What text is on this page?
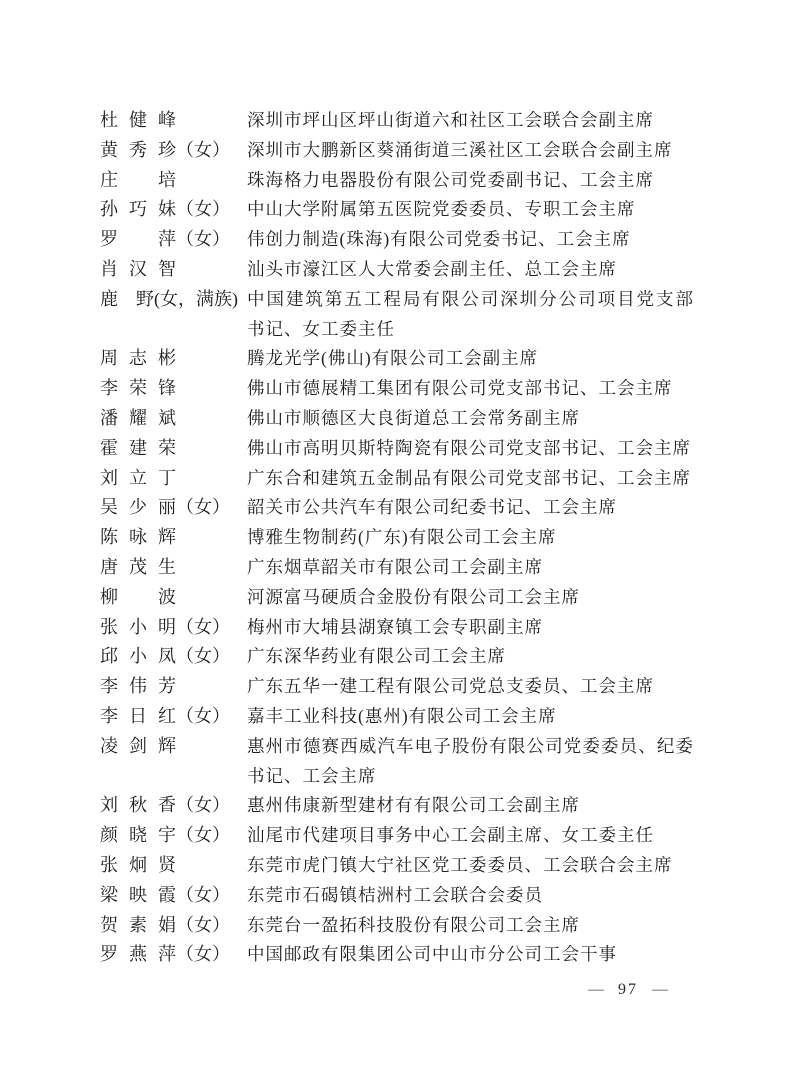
杜健峰	深圳市坪山区坪山街道六和社区工会联合会副主席
黄秀珍（女） 深圳市大鹏新区葵涌街道三溪社区工会联合会副主席
庄　培	珠海格力电器股份有限公司党委副书记、工会主席
孙巧妹（女） 中山大学附属第五医院党委委员、专职工会主席
罗　萍（女） 伟创力制造(珠海)有限公司党委书记、工会主席
肖汉智	汕头市濠江区人大常委会副主任、总工会主席
鹿　野(女，满族) 中国建筑第五工程局有限公司深圳分公司项目党支部
书记、女工委主任
周志彬	腾龙光学(佛山)有限公司工会副主席
李荣锋	佛山市德展精工集团有限公司党支部书记、工会主席
潘耀斌	佛山市顺德区大良街道总工会常务副主席
霍建荣	佛山市高明贝斯特陶瓷有限公司党支部书记、工会主席
刘立丁	广东合和建筑五金制品有限公司党支部书记、工会主席
吴少丽（女） 韶关市公共汽车有限公司纪委书记、工会主席
陈咏辉	博雅生物制药(广东)有限公司工会主席
唐茂生	广东烟草韶关市有限公司工会副主席
柳　波	河源富马硬质合金股份有限公司工会主席
张小明（女） 梅州市大埔县湖寮镇工会专职副主席
邱小凤（女） 广东深华药业有限公司工会主席
李伟芳	广东五华一建工程有限公司党总支委员、工会主席
李日红（女） 嘉丰工业科技(惠州)有限公司工会主席
凌剑辉	惠州市德赛西威汽车电子股份有限公司党委委员、纪委
书记、工会主席
刘秋香（女） 惠州伟康新型建材有有限公司工会副主席
颜晓宇（女） 汕尾市代建项目事务中心工会副主席、女工委主任
张炯贤	东莞市虎门镇大宁社区党工委委员、工会联合会主席
梁映霞（女） 东莞市石碣镇桔洲村工会联合会委员
贺素娟（女） 东莞台一盈拓科技股份有限公司工会主席
罗燕萍（女） 中国邮政有限集团公司中山市分公司工会干事
— 97 —
